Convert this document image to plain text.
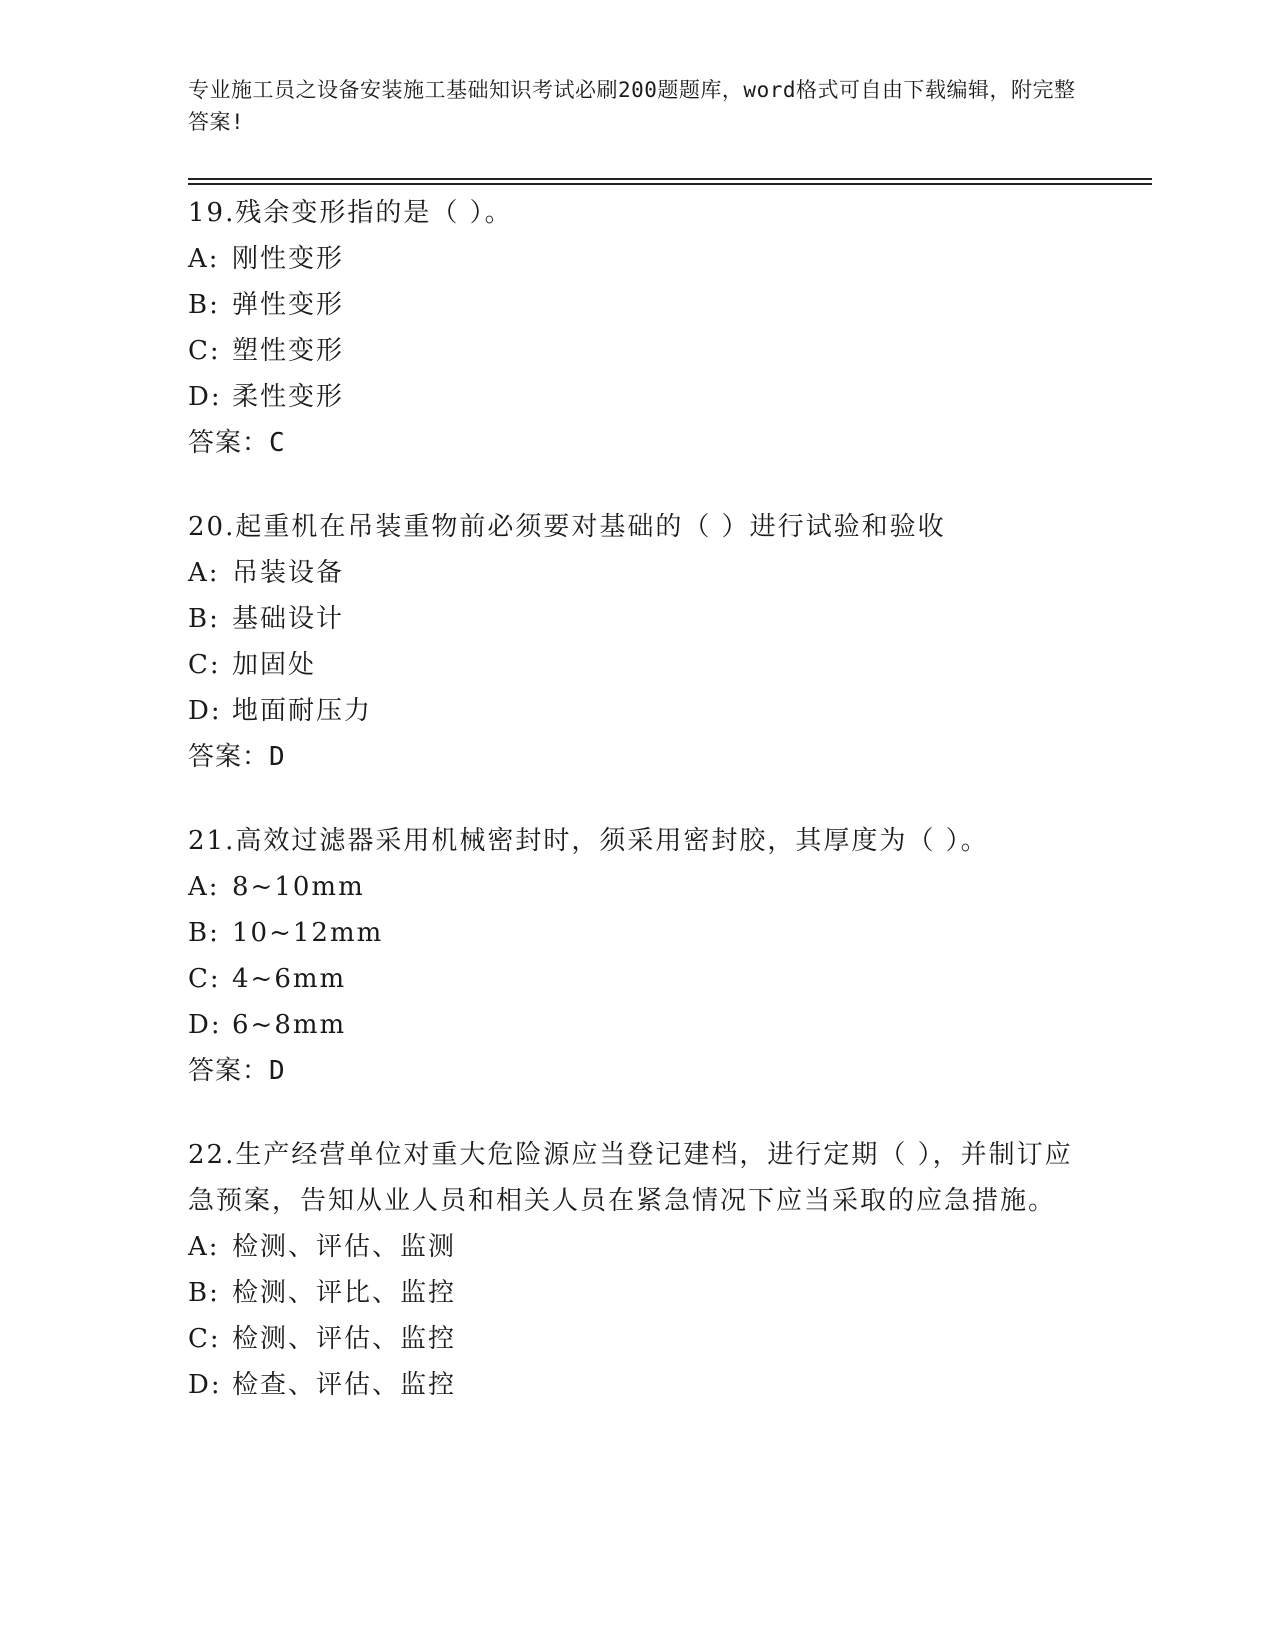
专业施工员之设备安装施工基础知识考试必刷200题题库，word格式可自由下载编辑，附完整答案!

19.残余变形指的是（ ）。

A: 刚性变形

B: 弹性变形

C: 塑性变形

D: 柔性变形

答案：C

20.起重机在吊装重物前必须要对基础的（ ）进行试验和验收

A: 吊装设备

B: 基础设计

C: 加固处

D: 地面耐压力

答案：D

21.高效过滤器采用机械密封时，须采用密封胶，其厚度为（ ）。

A: 8~10mm

B: 10~12mm

C: 4~6mm

D: 6~8mm

答案：D

22.生产经营单位对重大危险源应当登记建档，进行定期（ ），并制订应急预案，告知从业人员和相关人员在紧急情况下应当采取的应急措施。

A: 检测、评估、监测

B: 检测、评比、监控

C: 检测、评估、监控

D: 检查、评估、监控
